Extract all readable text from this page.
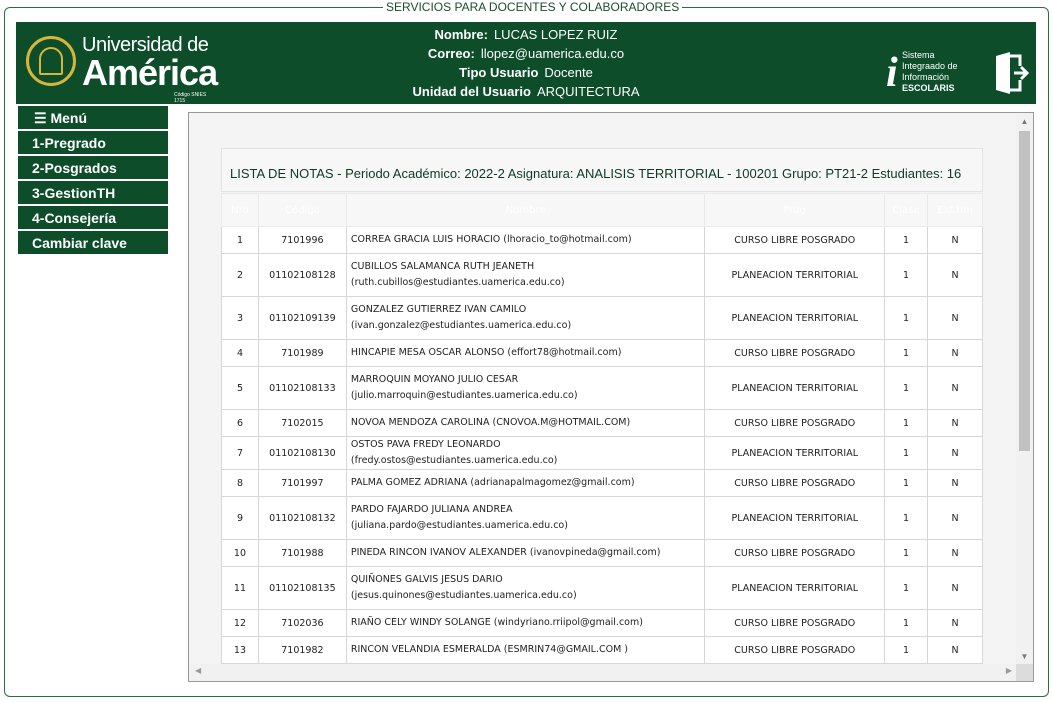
SERVICIOS PARA DOCENTES Y COLABORADORES
Universidad de
América
Código SNIES 1715
Nombre: LUCAS LOPEZ RUIZ
Correo: llopez@uamerica.edu.co
Tipo Usuario Docente
Unidad del Usuario ARQUITECTURA	i Sistema
Integraado de
Información
ESCOLARIS
☰ Menú
1-Pregrado
2-Posgrados
3-GestionTH
4-Consejería
Cambiar clave
LISTA DE NOTAS - Periodo Académico: 2022-2 Asignatura: ANALISIS TERRITORIAL - 100201 Grupo: PT21-2 Estudiantes: 16
Nro	Código	Nombre	Prog	Clase	Ext.hm
1	7101996	CORREA GRACIA LUIS HORACIO (lhoracio_to@hotmail.com)	CURSO LIBRE POSGRADO	1	N
2	01102108128	CUBILLOS SALAMANCA RUTH JEANETH
(ruth.cubillos@estudiantes.uamerica.edu.co)	PLANEACION TERRITORIAL	1	N
3	01102109139	GONZALEZ GUTIERREZ IVAN CAMILO
(ivan.gonzalez@estudiantes.uamerica.edu.co)	PLANEACION TERRITORIAL	1	N
4	7101989	HINCAPIE MESA OSCAR ALONSO (effort78@hotmail.com)	CURSO LIBRE POSGRADO	1	N
5	01102108133	MARROQUIN MOYANO JULIO CESAR
(julio.marroquin@estudiantes.uamerica.edu.co)	PLANEACION TERRITORIAL	1	N
6	7102015	NOVOA MENDOZA CAROLINA (CNOVOA.M@HOTMAIL.COM)	CURSO LIBRE POSGRADO	1	N
7	01102108130	OSTOS PAVA FREDY LEONARDO (fredy.ostos@estudiantes.uamerica.edu.co)	PLANEACION TERRITORIAL	1	N
8	7101997	PALMA GOMEZ ADRIANA (adrianapalmagomez@gmail.com)	CURSO LIBRE POSGRADO	1	N
9	01102108132	PARDO FAJARDO JULIANA ANDREA
(juliana.pardo@estudiantes.uamerica.edu.co)	PLANEACION TERRITORIAL	1	N
10	7101988	PINEDA RINCON IVANOV ALEXANDER (ivanovpineda@gmail.com)	CURSO LIBRE POSGRADO	1	N
11	01102108135	QUIÑONES GALVIS JESUS DARIO
(jesus.quinones@estudiantes.uamerica.edu.co)	PLANEACION TERRITORIAL	1	N
12	7102036	RIAÑO CELY WINDY SOLANGE (windyriano.rriipol@gmail.com)	CURSO LIBRE POSGRADO	1	N
13	7101982	RINCON VELANDIA ESMERALDA (ESMRIN74@GMAIL.COM )	CURSO LIBRE POSGRADO	1	N
▲
▼
◀	▶
